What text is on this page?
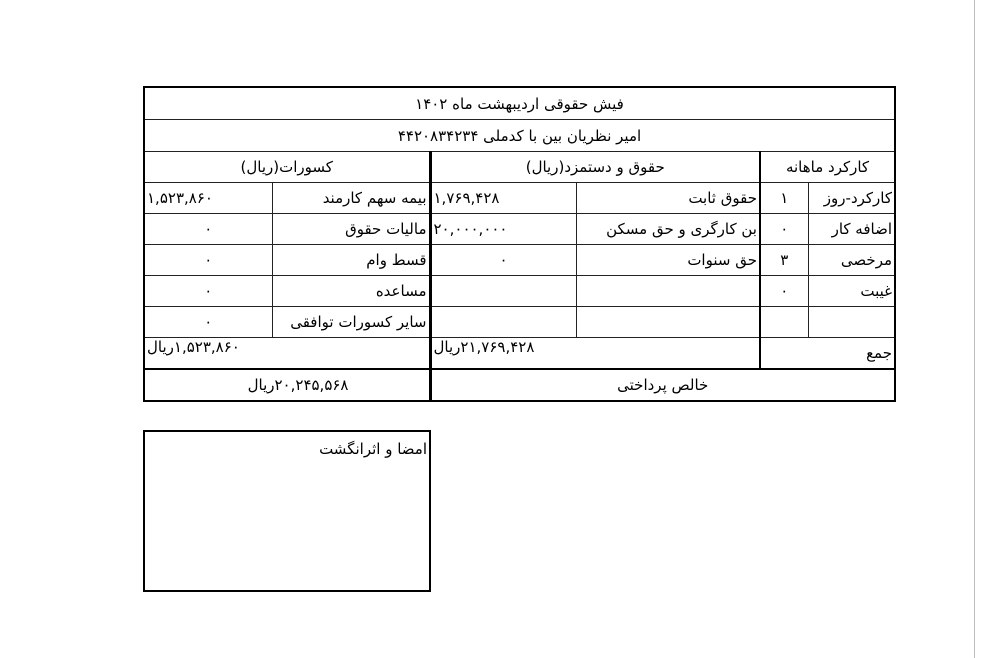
فیش حقوقی اردیبهشت ماه ۱۴۰۲					
امیر نظریان بین با کدملی ۴۴۲۰۸۳۴۲۳۴					
کارکرد ماهانه		حقوق و دستمزد(ریال)		کسورات(ریال)	
کارکرد-روز	۱	حقوق ثابت	۱,۷۶۹,۴۲۸	بیمه سهم کارمند	۱,۵۲۳,۸۶۰
اضافه کار	۰	بن کارگری و حق مسکن	۲۰,۰۰۰,۰۰۰	مالیات حقوق	۰
مرخصی	۳	حق سنوات	۰	قسط وام	۰
غیبت	۰			مساعده	۰
				سایر کسورات توافقی	۰
جمع		۲۱,۷۶۹,۴۲۸ریال		۱,۵۲۳,۸۶۰ریال	
خالص پرداختی				۲۰,۲۴۵,۵۶۸ریال	
امضا و اثرانگشت
